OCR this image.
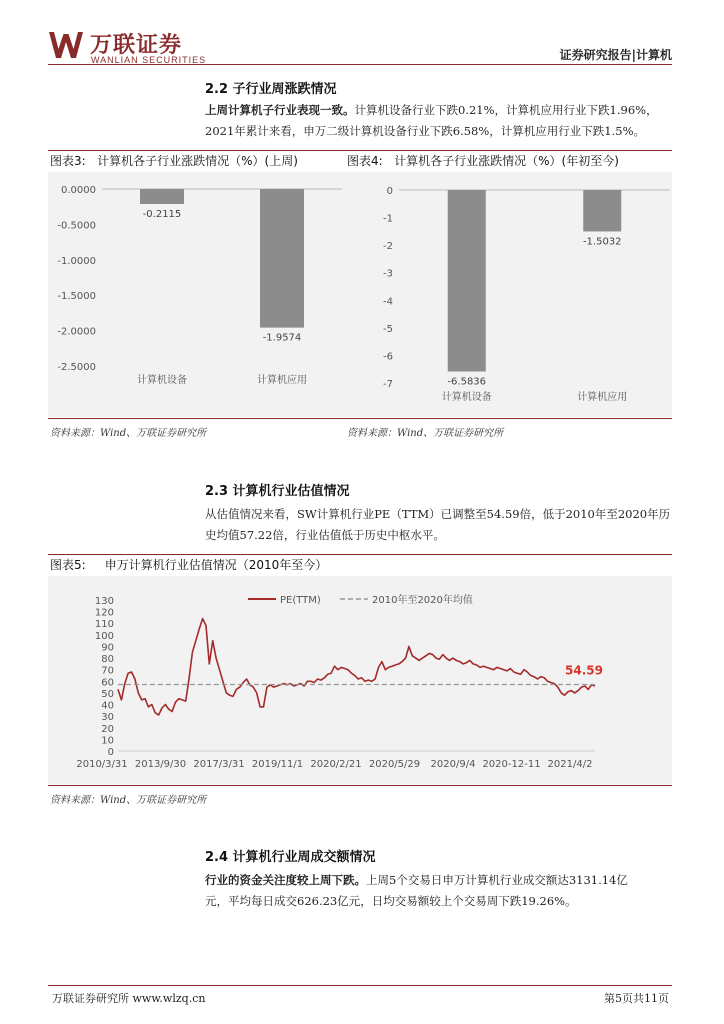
万联证券
WANLIAN SECURITIES	证券研究报告|计算机
2.2 子行业周涨跌情况
上周计算机子行业表现一致。计算机设备行业下跌0.21%，计算机应用行业下跌1.96%，
2021年累计来看，申万二级计算机设备行业下跌6.58%，计算机应用行业下跌1.5%。
图表3: 计算机各子行业涨跌情况（%）(上周)	图表4: 计算机各子行业涨跌情况（%）(年初至今)
0.0000
-0.5000
-1.0000
-1.5000
-2.0000
-2.5000
-0.2115
计算机设备
-1.9574
计算机应用
0
-1
-2
-3
-4
-5
-6
-7	-6.5836
计算机设备
-1.5032
计算机应用
资料来源：Wind、万联证券研究所	资料来源：Wind、万联证券研究所
2.3 计算机行业估值情况
从估值情况来看，SW计算机行业PE（TTM）已调整至54.59倍，低于2010年至2020年历
史均值57.22倍，行业估值低于历史中枢水平。
图表5: 申万计算机行业估值情况（2010年至今）
0
10
20
30
40
50
60
70
80
90
100
110
120
130
2010/3/31 2013/9/30 2017/3/31 2019/11/1 2020/2/21 2020/5/29 2020/9/4 2020-12-11 2021/4/2
PE(TTM)	2010年至2020年均值
54.59
资料来源：Wind、万联证券研究所
2.4 计算机行业周成交额情况
行业的资金关注度较上周下跌。上周5个交易日申万计算机行业成交额达3131.14亿
元，平均每日成交626.23亿元，日均交易额较上个交易周下跌19.26%。
万联证券研究所 www.wlzq.cn	第5页共11页
